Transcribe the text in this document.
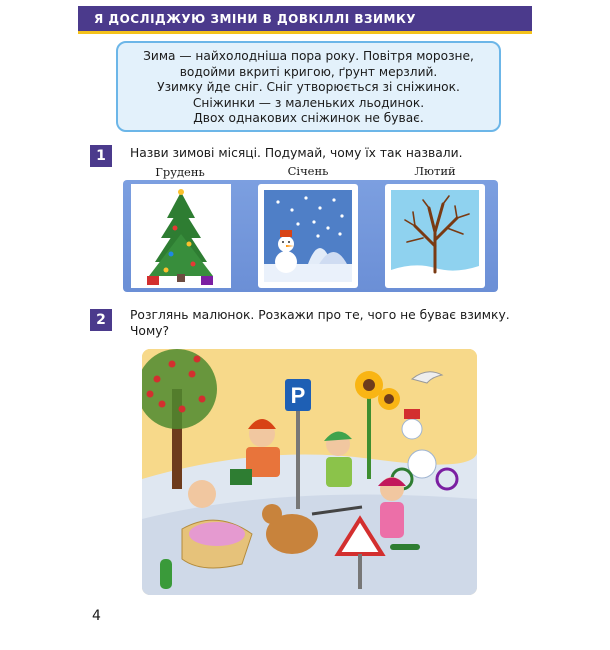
Я ДОСЛІДЖУЮ ЗМІНИ В ДОВКІЛЛІ ВЗИМКУ
Зима — найхолодніша пора року. Повітря морозне,
водойми вкриті кригою, ґрунт мерзлий.
Узимку йде сніг. Сніг утворюється зі сніжинок.
Сніжинки — з маленьких льодинок.
Двох однакових сніжинок не буває.
1	Назви зимові місяці. Подумай, чому їх так назвали.
Грудень	Січень	Лютий
2	Розглянь малюнок. Розкажи про те, чого не буває взимку.
Чому?
P
4
